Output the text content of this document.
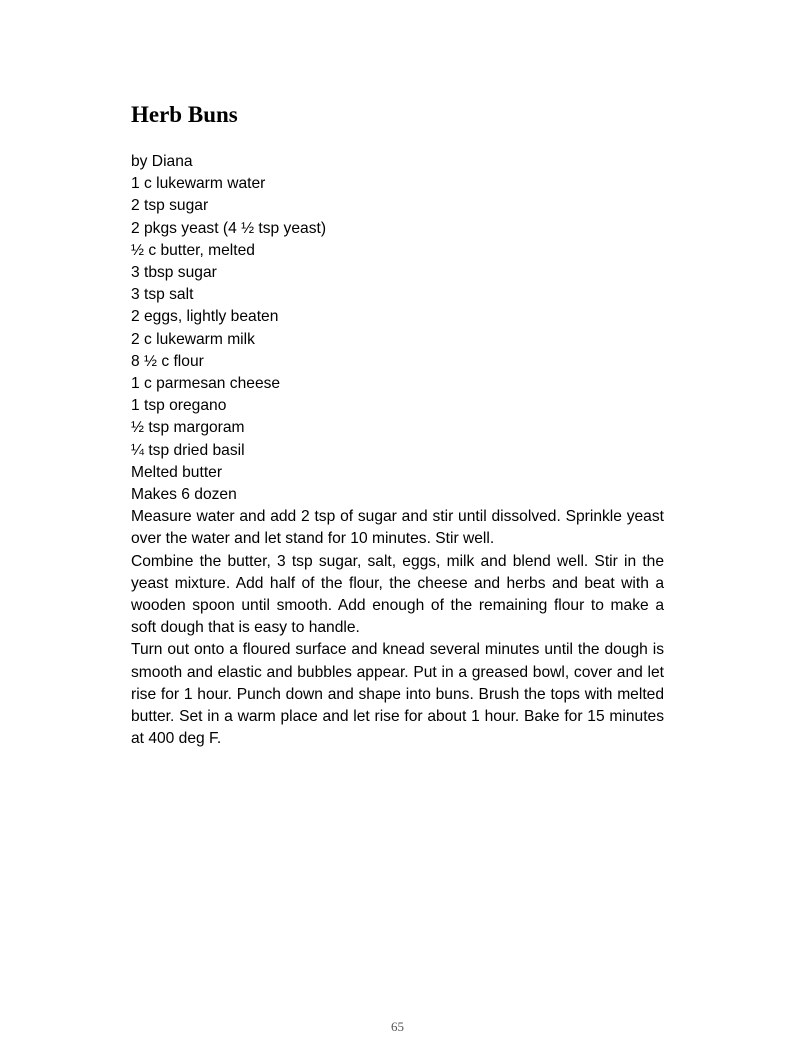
Herb Buns

by Diana

1 c lukewarm water

2 tsp sugar

2 pkgs yeast (4 ½ tsp yeast)

½ c butter, melted

3 tbsp sugar

3 tsp salt

2 eggs, lightly beaten

2 c lukewarm milk

8 ½ c flour

1 c parmesan cheese

1 tsp oregano

½ tsp margoram

¼ tsp dried basil

Melted butter

Makes 6 dozen

Measure water and add 2 tsp of sugar and stir until dissolved. Sprinkle yeast over the water and let stand for 10 minutes. Stir well.

Combine the butter, 3 tsp sugar, salt, eggs, milk and blend well. Stir in the yeast mixture. Add half of the flour, the cheese and herbs and beat with a wooden spoon until smooth. Add enough of the remaining flour to make a soft dough that is easy to handle.

Turn out onto a floured surface and knead several minutes until the dough is smooth and elastic and bubbles appear. Put in a greased bowl, cover and let rise for 1 hour. Punch down and shape into buns. Brush the tops with melted butter. Set in a warm place and let rise for about 1 hour. Bake for 15 minutes at 400 deg F.

65
